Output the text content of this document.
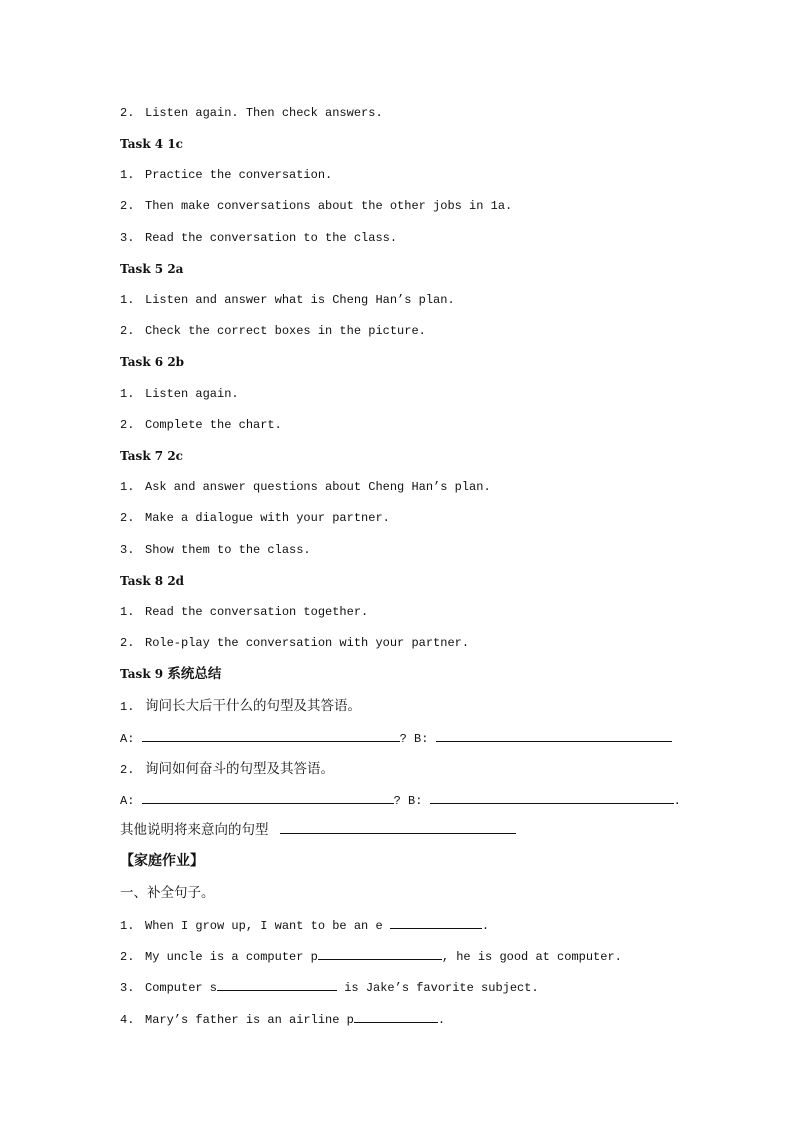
2. Listen again. Then check answers.
Task 4 1c
1. Practice the conversation.
2. Then make conversations about the other jobs in 1a.
3. Read the conversation to the class.
Task 5 2a
1. Listen and answer what is Cheng Han’s plan.
2. Check the correct boxes in the picture.
Task 6 2b
1. Listen again.
2. Complete the chart.
Task 7 2c
1. Ask and answer questions about Cheng Han’s plan.
2. Make a dialogue with your partner.
3. Show them to the class.
Task 8 2d
1. Read the conversation together.
2. Role-play the conversation with your partner.
Task 9 系统总结
1. 询问长大后干什么的句型及其答语。
A:	? B:
2. 询问如何奋斗的句型及其答语。
A:	? B:	.
其他说明将来意向的句型
【家庭作业】
一、补全句子。
1. When I grow up, I want to be an e	.
2. My uncle is a computer p	, he is good at computer.
3. Computer s	is Jake’s favorite subject.
4. Mary’s father is an airline p	.
